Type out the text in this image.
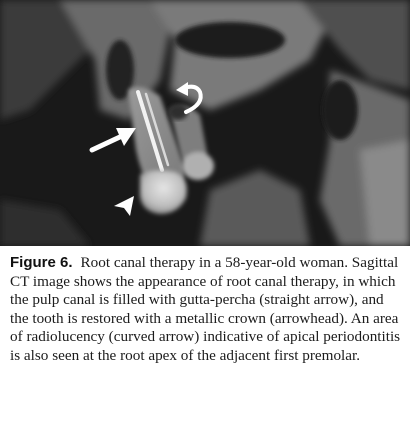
Figure 6. Root canal therapy in a 58-year-old woman. Sagittal CT image shows the appearance of root canal therapy, in which the pulp canal is filled with gutta-percha (straight arrow), and the tooth is restored with a metallic crown (arrowhead). An area of radiolucency (curved arrow) indicative of apical periodontitis is also seen at the root apex of the adjacent first premolar.
